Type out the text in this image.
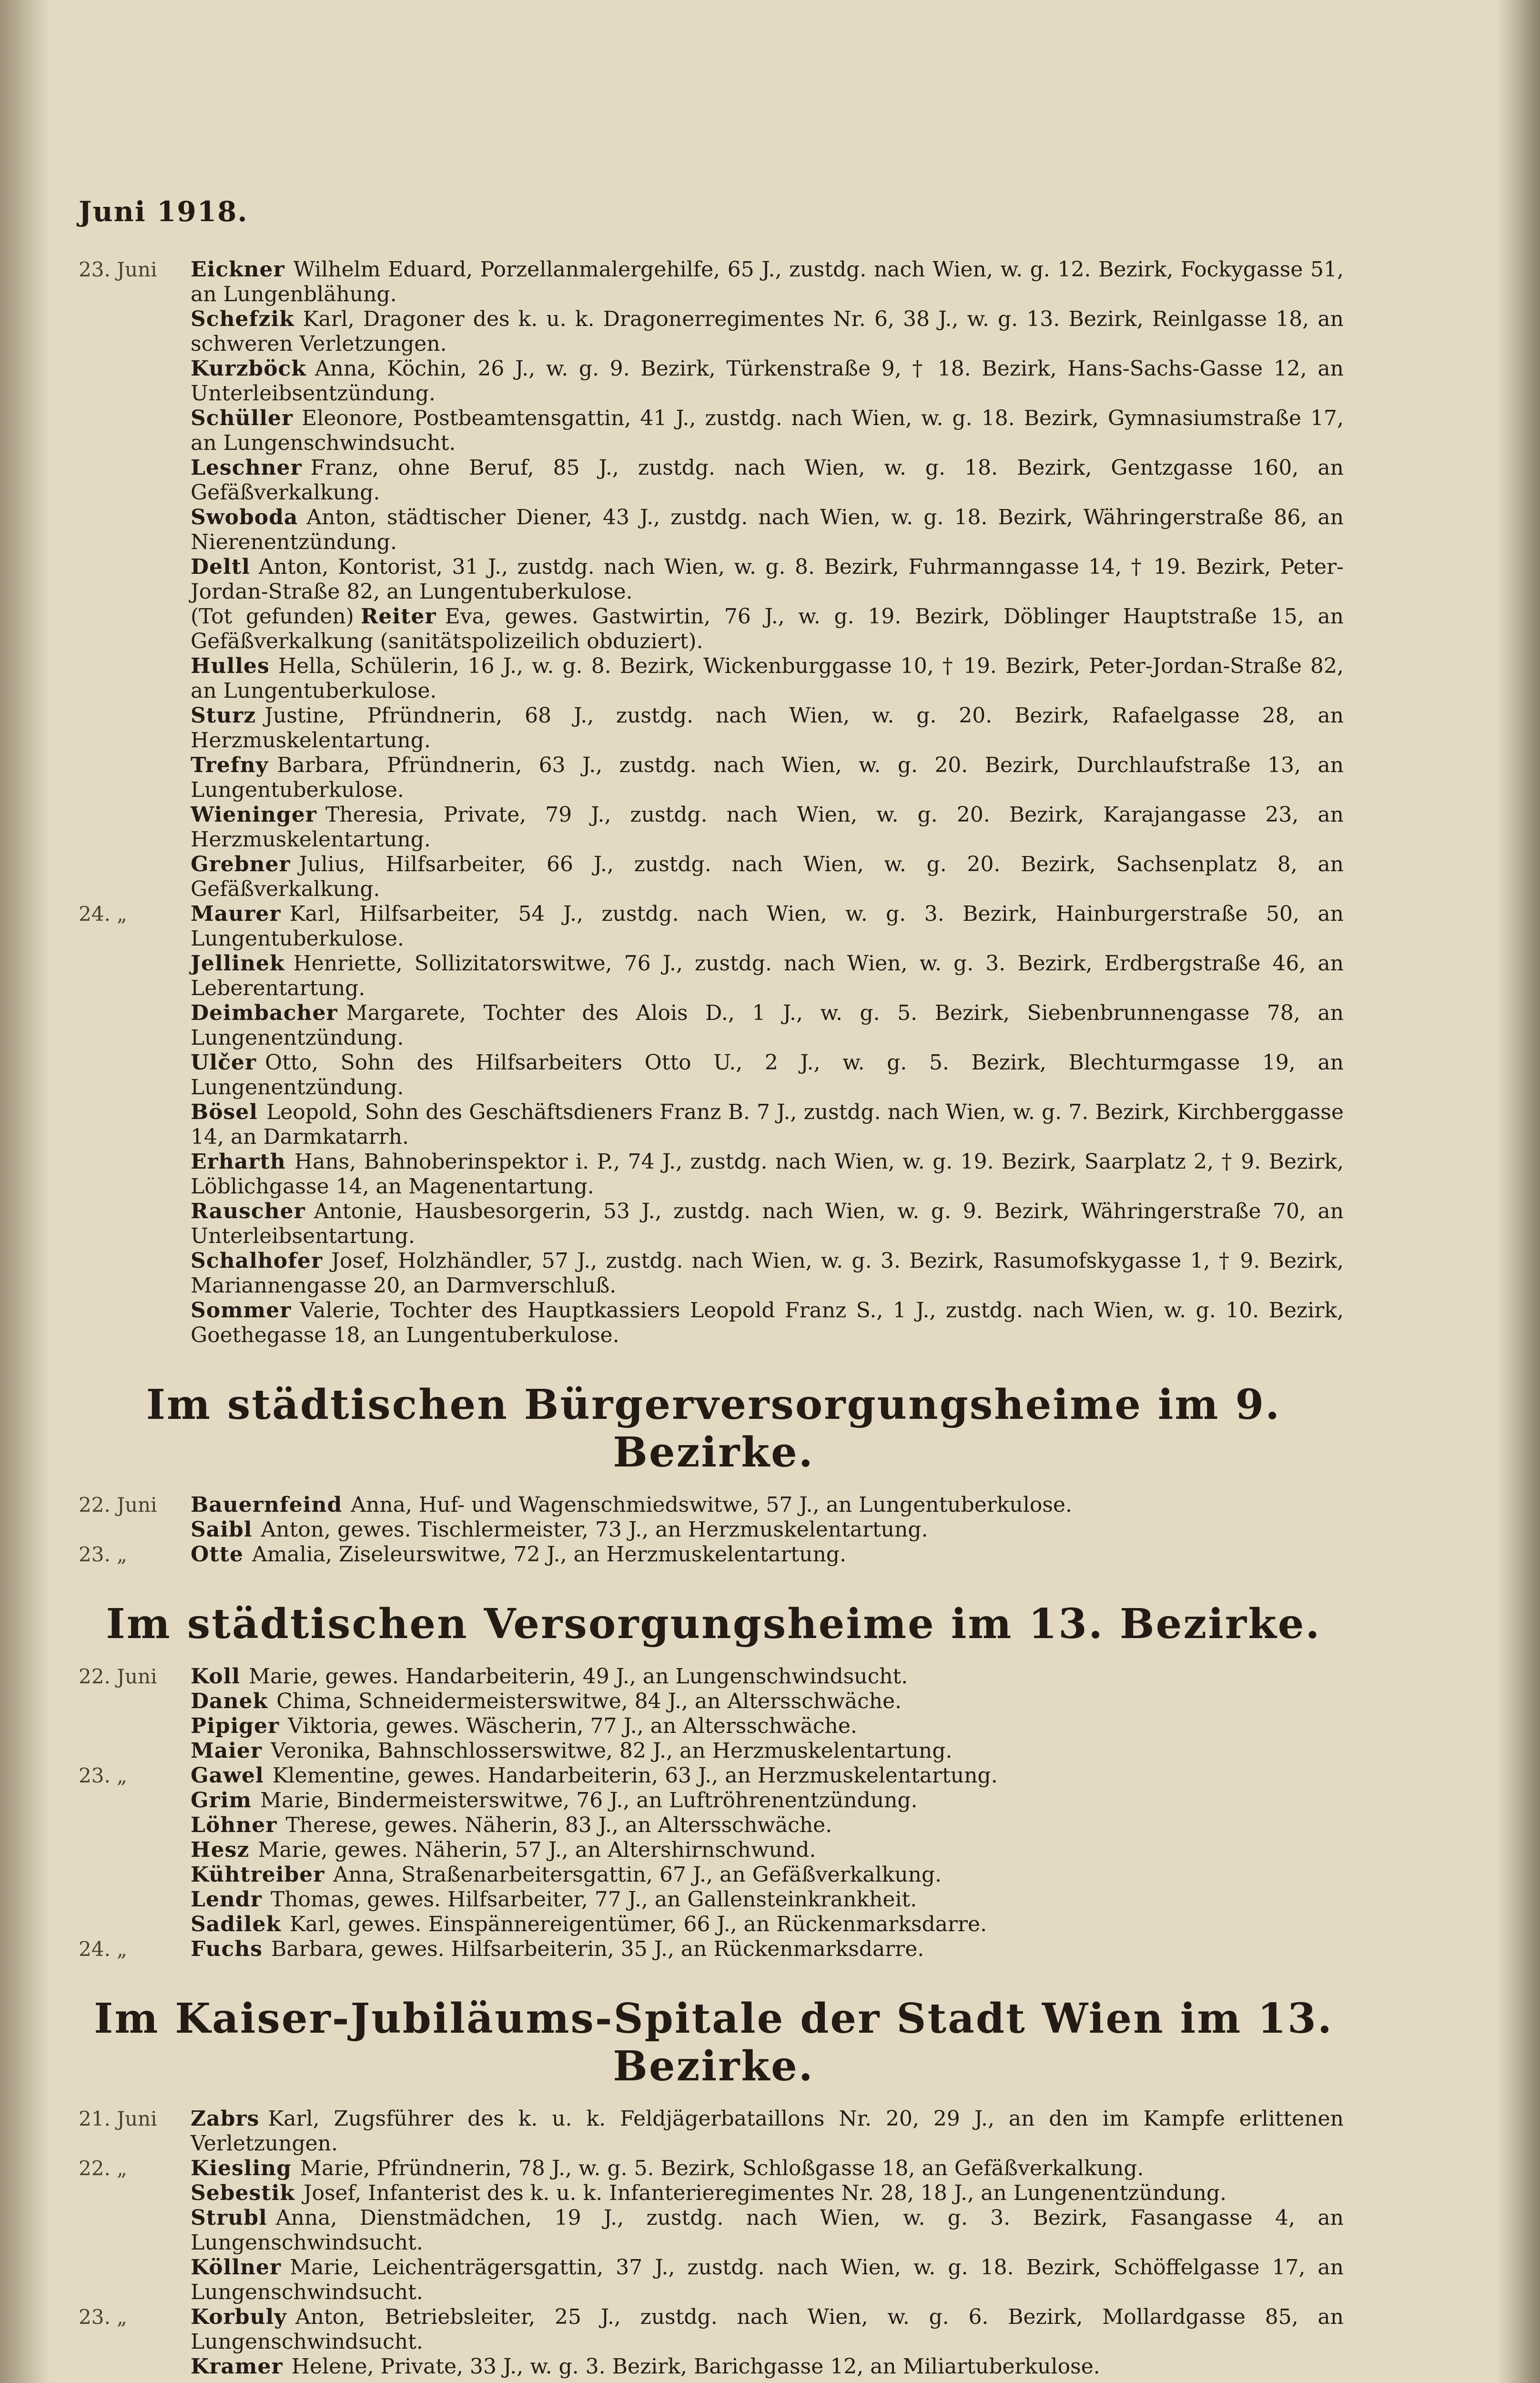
Juni 1918.
23. Juni	Eickner Wilhelm Eduard, Porzellanmalergehilfe, 65 J., zustdg. nach Wien, w. g. 12. Bezirk, Fockygasse 51, an Lungenblähung.
Schefzik Karl, Dragoner des k. u. k. Dragonerregimentes Nr. 6, 38 J., w. g. 13. Bezirk, Reinlgasse 18, an schweren Verletzungen.
Kurzböck Anna, Köchin, 26 J., w. g. 9. Bezirk, Türkenstraße 9, † 18. Bezirk, Hans-Sachs-Gasse 12, an Unterleibsentzündung.
Schüller Eleonore, Postbeamtensgattin, 41 J., zustdg. nach Wien, w. g. 18. Bezirk, Gymnasiumstraße 17, an Lungenschwindsucht.
Leschner Franz, ohne Beruf, 85 J., zustdg. nach Wien, w. g. 18. Bezirk, Gentzgasse 160, an Gefäßverkalkung.
Swoboda Anton, städtischer Diener, 43 J., zustdg. nach Wien, w. g. 18. Bezirk, Währingerstraße 86, an Nierenentzündung.
Deltl Anton, Kontorist, 31 J., zustdg. nach Wien, w. g. 8. Bezirk, Fuhrmanngasse 14, † 19. Bezirk, Peter-Jordan-Straße 82, an Lungentuberkulose.
(Tot gefunden) Reiter Eva, gewes. Gastwirtin, 76 J., w. g. 19. Bezirk, Döblinger Hauptstraße 15, an Gefäßverkalkung (sanitätspolizeilich obduziert).
Hulles Hella, Schülerin, 16 J., w. g. 8. Bezirk, Wickenburggasse 10, † 19. Bezirk, Peter-Jordan-Straße 82, an Lungentuberkulose.
Sturz Justine, Pfründnerin, 68 J., zustdg. nach Wien, w. g. 20. Bezirk, Rafaelgasse 28, an Herzmuskelentartung.
Trefny Barbara, Pfründnerin, 63 J., zustdg. nach Wien, w. g. 20. Bezirk, Durchlaufstraße 13, an Lungentuberkulose.
Wieninger Theresia, Private, 79 J., zustdg. nach Wien, w. g. 20. Bezirk, Karajangasse 23, an Herzmuskelentartung.
Grebner Julius, Hilfsarbeiter, 66 J., zustdg. nach Wien, w. g. 20. Bezirk, Sachsenplatz 8, an Gefäßverkalkung.
24. „	Maurer Karl, Hilfsarbeiter, 54 J., zustdg. nach Wien, w. g. 3. Bezirk, Hainburgerstraße 50, an Lungentuberkulose.
Jellinek Henriette, Sollizitatorswitwe, 76 J., zustdg. nach Wien, w. g. 3. Bezirk, Erdbergstraße 46, an Leberentartung.
Deimbacher Margarete, Tochter des Alois D., 1 J., w. g. 5. Bezirk, Siebenbrunnengasse 78, an Lungenentzündung.
Ulčer Otto, Sohn des Hilfsarbeiters Otto U., 2 J., w. g. 5. Bezirk, Blechturmgasse 19, an Lungenentzündung.
Bösel Leopold, Sohn des Geschäftsdieners Franz B. 7 J., zustdg. nach Wien, w. g. 7. Bezirk, Kirchberggasse 14, an Darmkatarrh.
Erharth Hans, Bahnoberinspektor i. P., 74 J., zustdg. nach Wien, w. g. 19. Bezirk, Saarplatz 2, † 9. Bezirk, Löblichgasse 14, an Magenentartung.
Rauscher Antonie, Hausbesorgerin, 53 J., zustdg. nach Wien, w. g. 9. Bezirk, Währingerstraße 70, an Unterleibsentartung.
Schalhofer Josef, Holzhändler, 57 J., zustdg. nach Wien, w. g. 3. Bezirk, Rasumofskygasse 1, † 9. Bezirk, Mariannengasse 20, an Darmverschluß.
Sommer Valerie, Tochter des Hauptkassiers Leopold Franz S., 1 J., zustdg. nach Wien, w. g. 10. Bezirk, Goethegasse 18, an Lungentuberkulose.
Im städtischen Bürgerversorgungsheime im 9. Bezirke.
22. Juni	Bauernfeind Anna, Huf- und Wagenschmiedswitwe, 57 J., an Lungentuberkulose.
Saibl Anton, gewes. Tischlermeister, 73 J., an Herzmuskelentartung.
23. „	Otte Amalia, Ziseleurswitwe, 72 J., an Herzmuskelentartung.
Im städtischen Versorgungsheime im 13. Bezirke.
22. Juni	Koll Marie, gewes. Handarbeiterin, 49 J., an Lungenschwindsucht.
Danek Chima, Schneidermeisterswitwe, 84 J., an Altersschwäche.
Pipiger Viktoria, gewes. Wäscherin, 77 J., an Altersschwäche.
Maier Veronika, Bahnschlosserswitwe, 82 J., an Herzmuskelentartung.
23. „	Gawel Klementine, gewes. Handarbeiterin, 63 J., an Herzmuskelentartung.
Grim Marie, Bindermeisterswitwe, 76 J., an Luftröhrenentzündung.
Löhner Therese, gewes. Näherin, 83 J., an Altersschwäche.
Hesz Marie, gewes. Näherin, 57 J., an Altershirnschwund.
Kühtreiber Anna, Straßenarbeitersgattin, 67 J., an Gefäßverkalkung.
Lendr Thomas, gewes. Hilfsarbeiter, 77 J., an Gallensteinkrankheit.
Sadilek Karl, gewes. Einspännereigentümer, 66 J., an Rückenmarksdarre.
24. „	Fuchs Barbara, gewes. Hilfsarbeiterin, 35 J., an Rückenmarksdarre.
Im Kaiser-Jubiläums-Spitale der Stadt Wien im 13. Bezirke.
21. Juni	Zabrs Karl, Zugsführer des k. u. k. Feldjägerbataillons Nr. 20, 29 J., an den im Kampfe erlittenen Verletzungen.
22. „	Kiesling Marie, Pfründnerin, 78 J., w. g. 5. Bezirk, Schloßgasse 18, an Gefäßverkalkung.
Sebestik Josef, Infanterist des k. u. k. Infanterieregimentes Nr. 28, 18 J., an Lungenentzündung.
Strubl Anna, Dienstmädchen, 19 J., zustdg. nach Wien, w. g. 3. Bezirk, Fasangasse 4, an Lungenschwindsucht.
Köllner Marie, Leichenträgersgattin, 37 J., zustdg. nach Wien, w. g. 18. Bezirk, Schöffelgasse 17, an Lungenschwindsucht.
23. „	Korbuly Anton, Betriebsleiter, 25 J., zustdg. nach Wien, w. g. 6. Bezirk, Mollardgasse 85, an Lungenschwindsucht.
Kramer Helene, Private, 33 J., w. g. 3. Bezirk, Barichgasse 12, an Miliartuberkulose.
